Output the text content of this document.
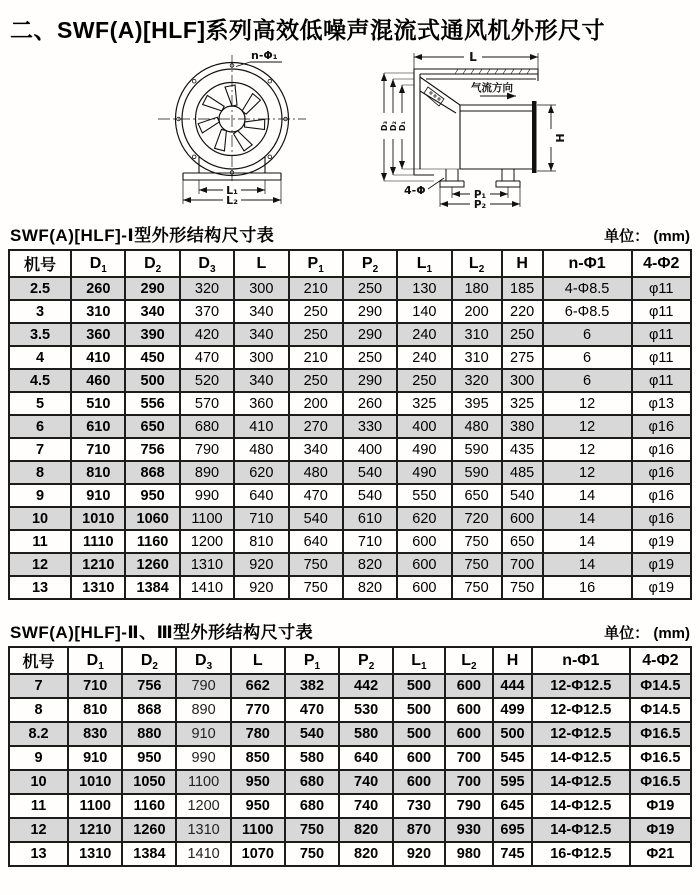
二、SWF(A)[HLF]系列高效低噪声混流式通风机外形尺寸
n-Φ₁
L₁
L₂
L
气流方向
H
D₃ D₂ D₁
4-Φ	P₁
P₂
SWF(A)[HLF]-Ⅰ型外形结构尺寸表	单位： (mm)
机号	$D_1$	$D_2$	$D_3$	L	$P_1$	$P_2$	$L_1$	$L_2$	H	n-Φ1	4-Φ2
2.5	260	290	320	300	210	250	130	180	185	4-Φ8.5	φ11
3	310	340	370	340	250	290	140	200	220	6-Φ8.5	φ11
3.5	360	390	420	340	250	290	240	310	250	6	φ11
4	410	450	470	300	210	250	240	310	275	6	φ11
4.5	460	500	520	340	250	290	250	320	300	6	φ11
5	510	556	570	360	200	260	325	395	325	12	φ13
6	610	650	680	410	270	330	400	480	380	12	φ16
7	710	756	790	480	340	400	490	590	435	12	φ16
8	810	868	890	620	480	540	490	590	485	12	φ16
9	910	950	990	640	470	540	550	650	540	14	φ16
10	1010	1060	1100	710	540	610	620	720	600	14	φ16
11	1110	1160	1200	810	640	710	600	750	650	14	φ19
12	1210	1260	1310	920	750	820	600	750	700	14	φ19
13	1310	1384	1410	920	750	820	600	750	750	16	φ19
SWF(A)[HLF]-Ⅱ、Ⅲ型外形结构尺寸表	单位： (mm)
机号	$D_1$	$D_2$	$D_3$	L	$P_1$	$P_2$	$L_1$	$L_2$	H	n-Φ1	4-Φ2
7	710	756	790	662	382	442	500	600	444	12-Φ12.5	Φ14.5
8	810	868	890	770	470	530	500	600	499	12-Φ12.5	Φ14.5
8.2	830	880	910	780	540	580	500	600	500	12-Φ12.5	Φ16.5
9	910	950	990	850	580	640	600	700	545	14-Φ12.5	Φ16.5
10	1010	1050	1100	950	680	740	600	700	595	14-Φ12.5	Φ16.5
11	1100	1160	1200	950	680	740	730	790	645	14-Φ12.5	Φ19
12	1210	1260	1310	1100	750	820	870	930	695	14-Φ12.5	Φ19
13	1310	1384	1410	1070	750	820	920	980	745	16-Φ12.5	Φ21
